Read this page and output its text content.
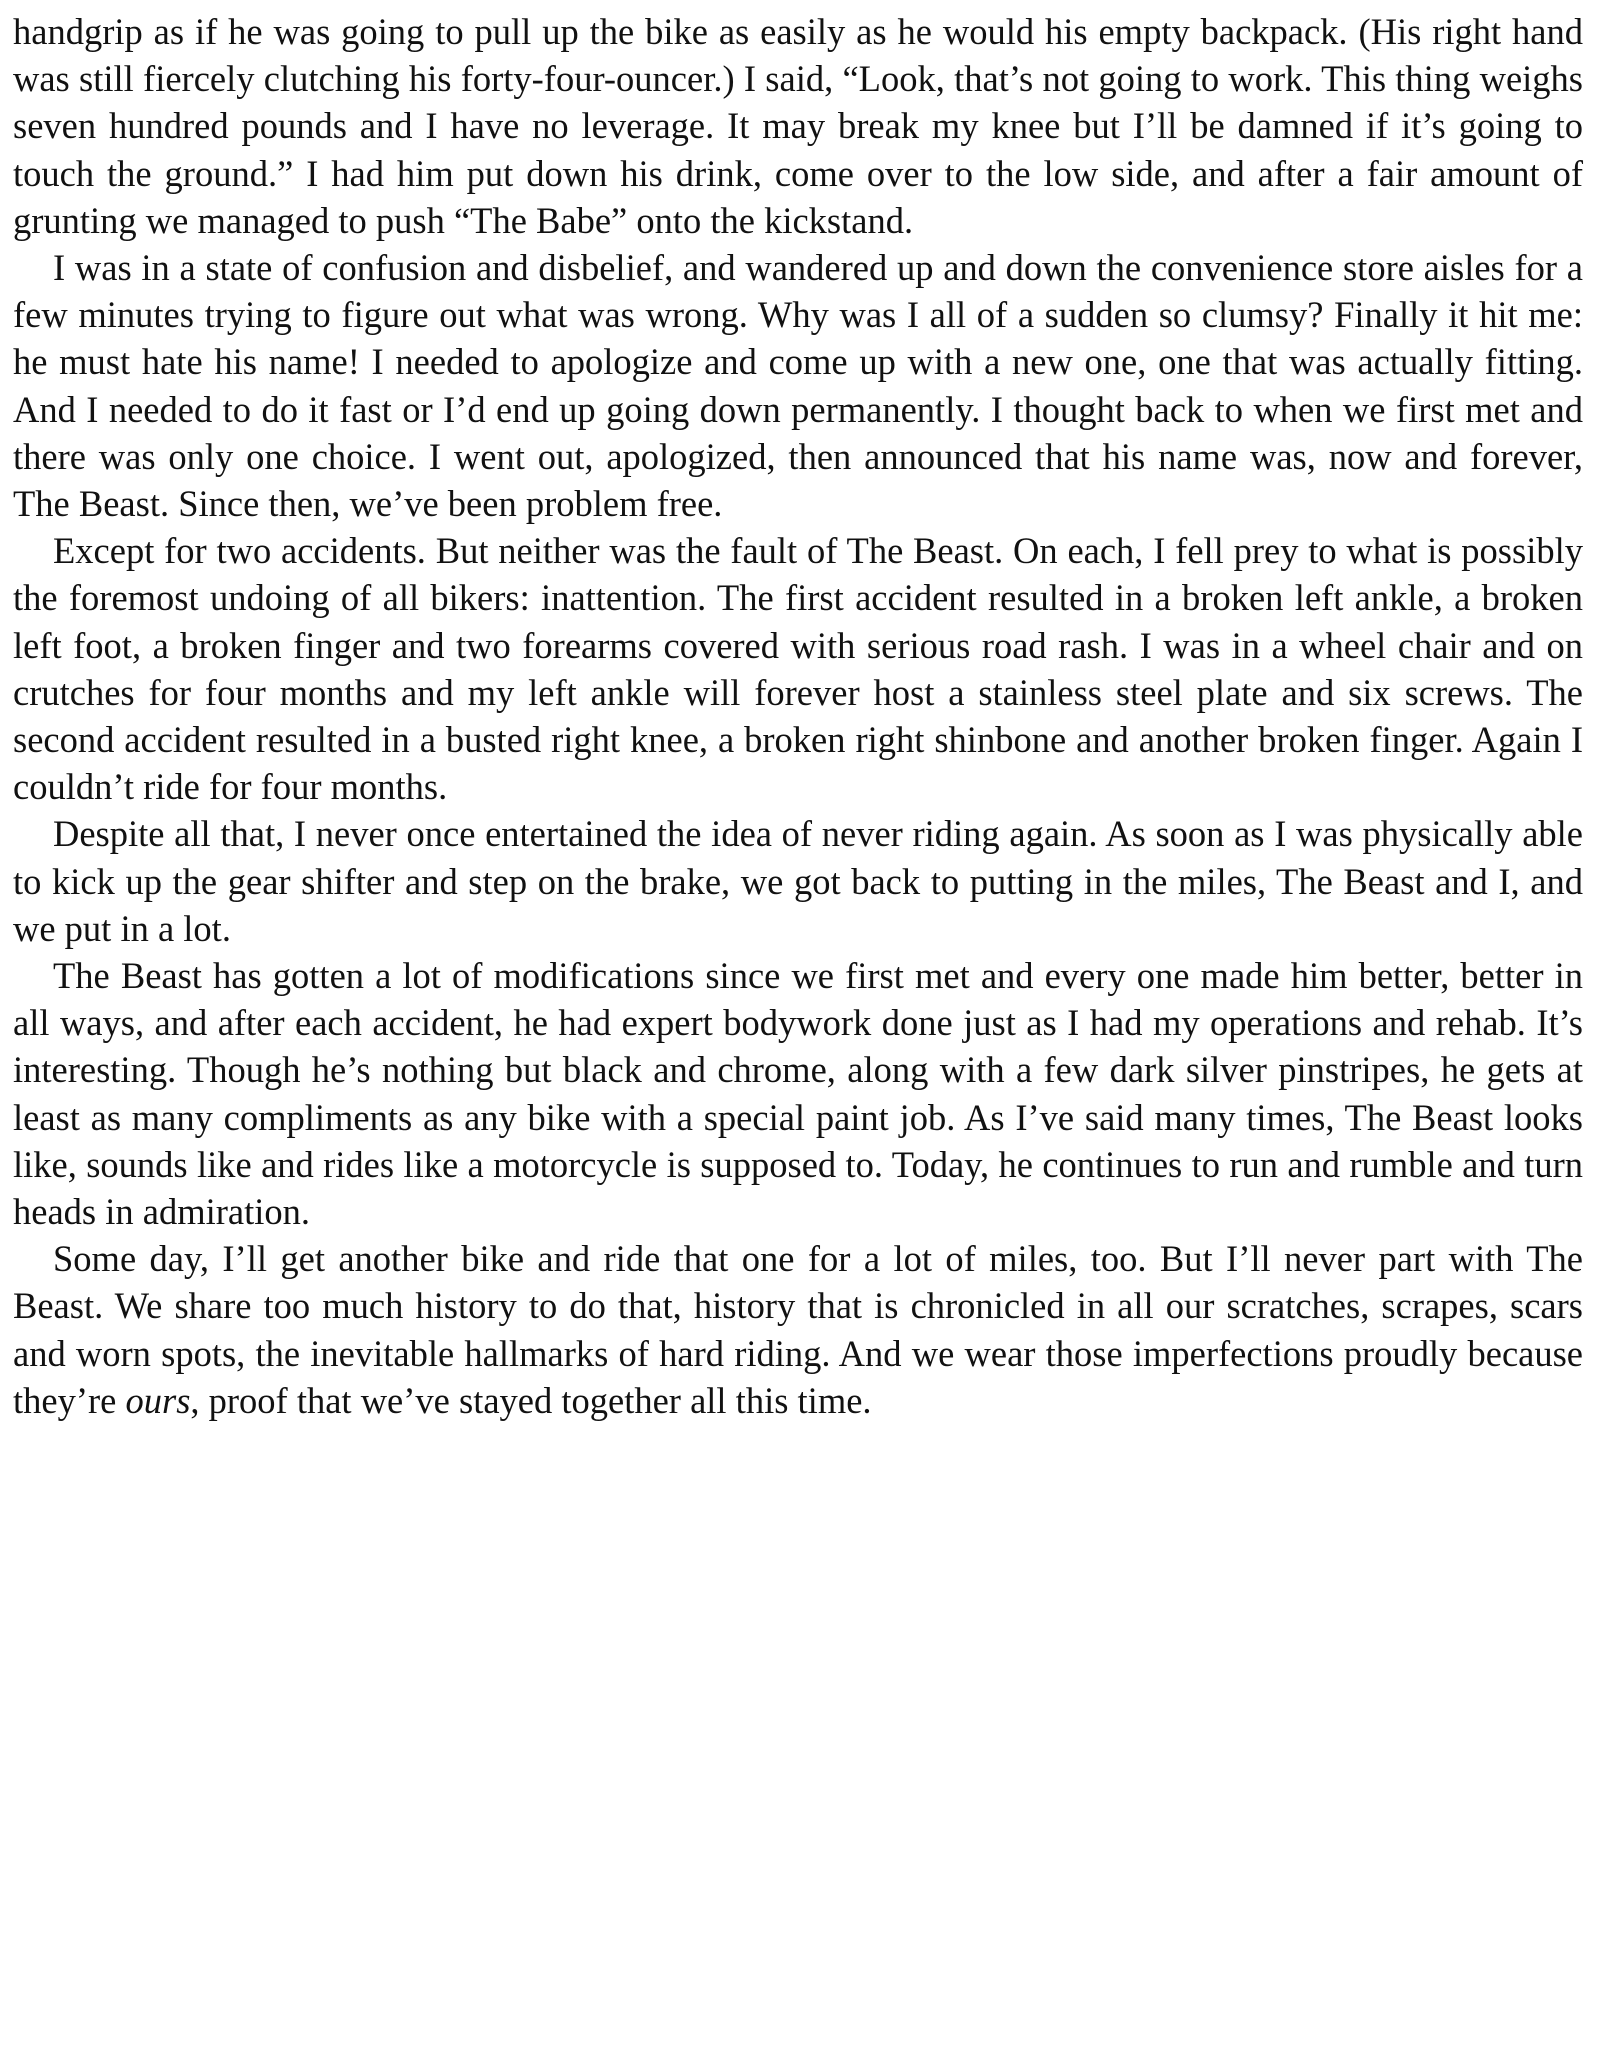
handgrip as if he was going to pull up the bike as easily as he would his empty backpack. (His right hand was still fiercely clutching his forty-four-ouncer.) I said, “Look, that’s not going to work. This thing weighs seven hundred pounds and I have no leverage. It may break my knee but I’ll be damned if it’s going to touch the ground.” I had him put down his drink, come over to the low side, and after a fair amount of grunting we managed to push “The Babe” onto the kickstand.

I was in a state of confusion and disbelief, and wandered up and down the convenience store aisles for a few minutes trying to figure out what was wrong. Why was I all of a sudden so clumsy? Finally it hit me: he must hate his name! I needed to apologize and come up with a new one, one that was actually fitting. And I needed to do it fast or I’d end up going down permanently. I thought back to when we first met and there was only one choice. I went out, apologized, then announced that his name was, now and forever, The Beast. Since then, we’ve been problem free.

Except for two accidents. But neither was the fault of The Beast. On each, I fell prey to what is possibly the foremost undoing of all bikers: inattention. The first accident resulted in a broken left ankle, a broken left foot, a broken finger and two forearms covered with serious road rash. I was in a wheel chair and on crutches for four months and my left ankle will forever host a stainless steel plate and six screws. The second accident resulted in a busted right knee, a broken right shinbone and another broken finger. Again I couldn’t ride for four months.

Despite all that, I never once entertained the idea of never riding again. As soon as I was physically able to kick up the gear shifter and step on the brake, we got back to putting in the miles, The Beast and I, and we put in a lot.

The Beast has gotten a lot of modifications since we first met and every one made him better, better in all ways, and after each accident, he had expert bodywork done just as I had my operations and rehab. It’s interesting. Though he’s nothing but black and chrome, along with a few dark silver pinstripes, he gets at least as many compliments as any bike with a special paint job. As I’ve said many times, The Beast looks like, sounds like and rides like a motorcycle is supposed to. Today, he continues to run and rumble and turn heads in admiration.

Some day, I’ll get another bike and ride that one for a lot of miles, too. But I’ll never part with The Beast. We share too much history to do that, history that is chronicled in all our scratches, scrapes, scars and worn spots, the inevitable hallmarks of hard riding. And we wear those imperfections proudly because they’re ours, proof that we’ve stayed together all this time.
